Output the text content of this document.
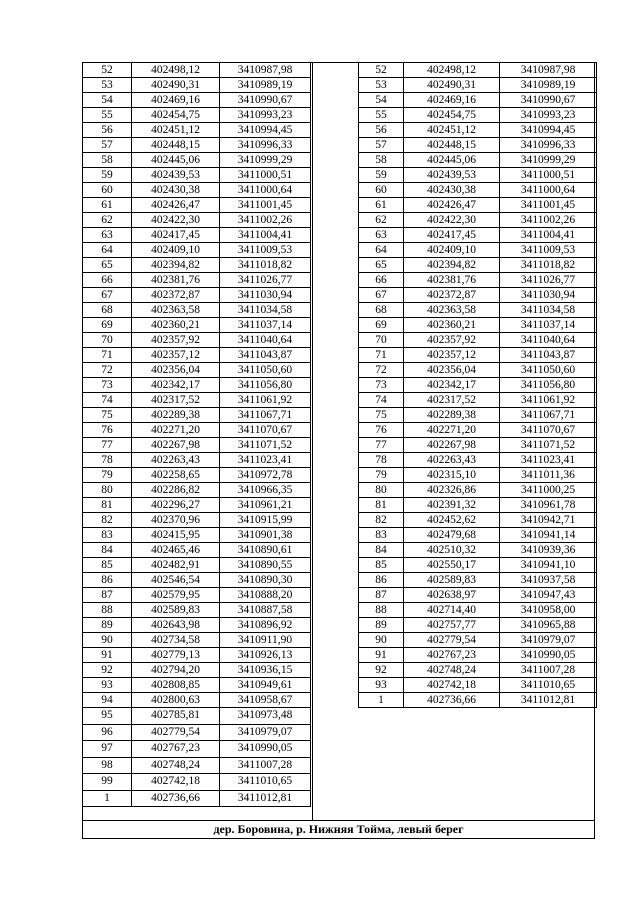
52	402498,12	3410987,98
53	402490,31	3410989,19
54	402469,16	3410990,67
55	402454,75	3410993,23
56	402451,12	3410994,45
57	402448,15	3410996,33
58	402445,06	3410999,29
59	402439,53	3411000,51
60	402430,38	3411000,64
61	402426,47	3411001,45
62	402422,30	3411002,26
63	402417,45	3411004,41
64	402409,10	3411009,53
65	402394,82	3411018,82
66	402381,76	3411026,77
67	402372,87	3411030,94
68	402363,58	3411034,58
69	402360,21	3411037,14
70	402357,92	3411040,64
71	402357,12	3411043,87
72	402356,04	3411050,60
73	402342,17	3411056,80
74	402317,52	3411061,92
75	402289,38	3411067,71
76	402271,20	3411070,67
77	402267,98	3411071,52
78	402263,43	3411023,41
79	402258,65	3410972,78
80	402286,82	3410966,35
81	402296,27	3410961,21
82	402370,96	3410915,99
83	402415,95	3410901,38
84	402465,46	3410890,61
85	402482,91	3410890,55
86	402546,54	3410890,30
87	402579,95	3410888,20
88	402589,83	3410887,58
89	402643,98	3410896,92
90	402734,58	3410911,90
91	402779,13	3410926,13
92	402794,20	3410936,15
93	402808,85	3410949,61
94	402800,63	3410958,67
95	402785,81	3410973,48
96	402779,54	3410979,07
97	402767,23	3410990,05
98	402748,24	3411007,28
99	402742,18	3411010,65
1	402736,66	3411012,81
52	402498,12	3410987,98
53	402490,31	3410989,19
54	402469,16	3410990,67
55	402454,75	3410993,23
56	402451,12	3410994,45
57	402448,15	3410996,33
58	402445,06	3410999,29
59	402439,53	3411000,51
60	402430,38	3411000,64
61	402426,47	3411001,45
62	402422,30	3411002,26
63	402417,45	3411004,41
64	402409,10	3411009,53
65	402394,82	3411018,82
66	402381,76	3411026,77
67	402372,87	3411030,94
68	402363,58	3411034,58
69	402360,21	3411037,14
70	402357,92	3411040,64
71	402357,12	3411043,87
72	402356,04	3411050,60
73	402342,17	3411056,80
74	402317,52	3411061,92
75	402289,38	3411067,71
76	402271,20	3411070,67
77	402267,98	3411071,52
78	402263,43	3411023,41
79	402315,10	3411011,36
80	402326,86	3411000,25
81	402391,32	3410961,78
82	402452,62	3410942,71
83	402479,68	3410941,14
84	402510,32	3410939,36
85	402550,17	3410941,10
86	402589,83	3410937,58
87	402638,97	3410947,43
88	402714,40	3410958,00
89	402757,77	3410965,88
90	402779,54	3410979,07
91	402767,23	3410990,05
92	402748,24	3411007,28
93	402742,18	3411010,65
1	402736,66	3411012,81
дер. Боровина, р. Нижняя Тойма, левый берег
